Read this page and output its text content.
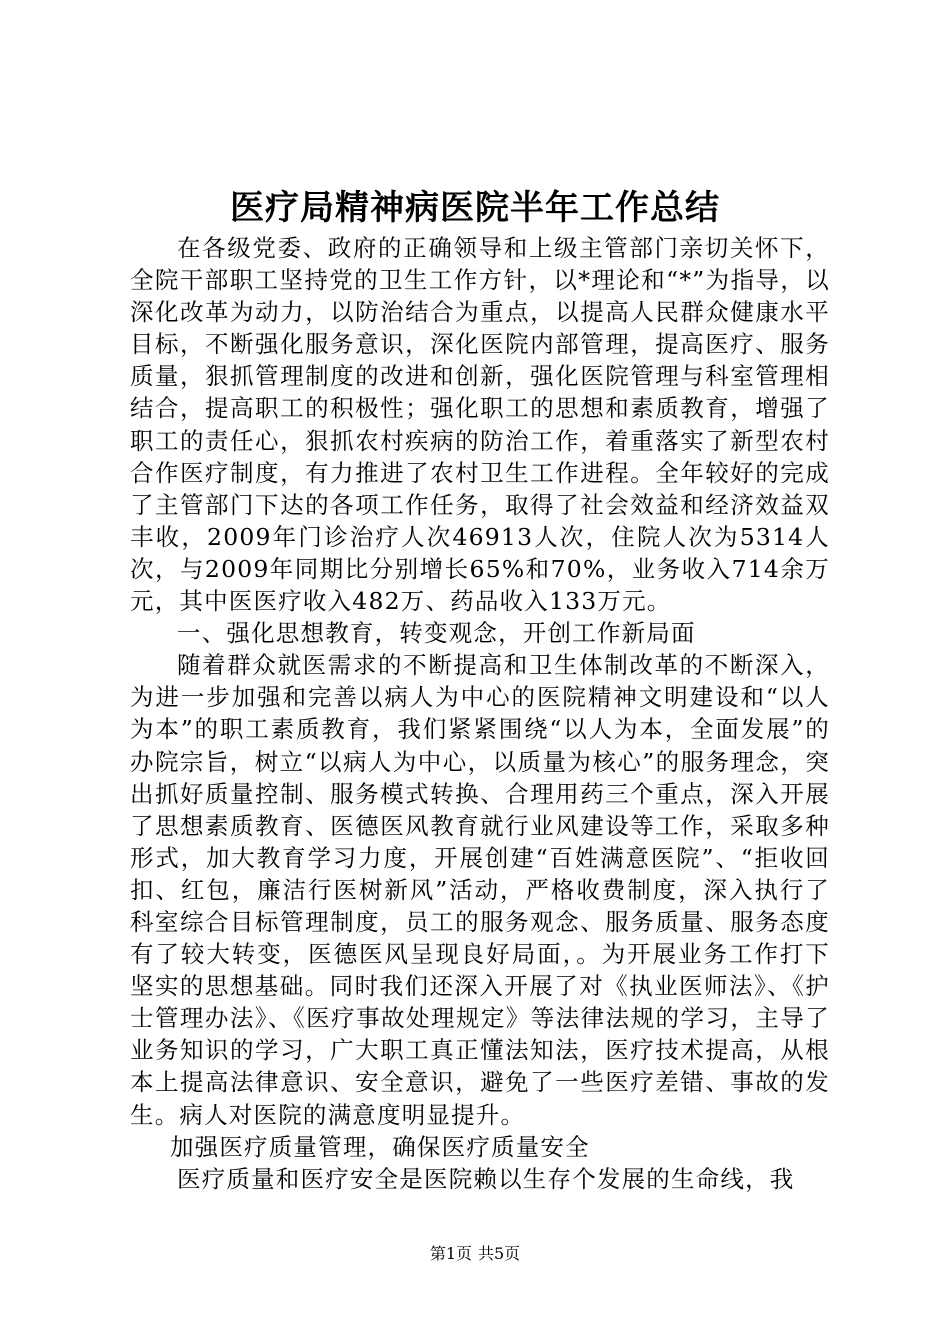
医疗局精神病医院半年工作总结

在各级党委、政府的正确领导和上级主管部门亲切关怀下，全院干部职工坚持党的卫生工作方针，以*理论和“*”为指导，以深化改革为动力，以防治结合为重点，以提高人民群众健康水平目标，不断强化服务意识，深化医院内部管理，提高医疗、服务质量，狠抓管理制度的改进和创新，强化医院管理与科室管理相结合，提高职工的积极性；强化职工的思想和素质教育，增强了职工的责任心，狠抓农村疾病的防治工作，着重落实了新型农村合作医疗制度，有力推进了农村卫生工作进程。全年较好的完成了主管部门下达的各项工作任务，取得了社会效益和经济效益双丰收，2009年门诊治疗人次46913人次，住院人次为5314人次，与2009年同期比分别增长65%和70%，业务收入714余万元，其中医医疗收入482万、药品收入133万元。

一、强化思想教育，转变观念，开创工作新局面

随着群众就医需求的不断提高和卫生体制改革的不断深入，为进一步加强和完善以病人为中心的医院精神文明建设和“以人为本”的职工素质教育，我们紧紧围绕“以人为本，全面发展”的办院宗旨，树立“以病人为中心，以质量为核心”的服务理念，突出抓好质量控制、服务模式转换、合理用药三个重点，深入开展了思想素质教育、医德医风教育就行业风建设等工作，采取多种形式，加大教育学习力度，开展创建“百姓满意医院”、“拒收回扣、红包，廉洁行医树新风”活动，严格收费制度，深入执行了科室综合目标管理制度，员工的服务观念、服务质量、服务态度有了较大转变，医德医风呈现良好局面，。为开展业务工作打下坚实的思想基础。同时我们还深入开展了对《执业医师法》、《护士管理办法》、《医疗事故处理规定》等法律法规的学习，主导了业务知识的学习，广大职工真正懂法知法，医疗技术提高，从根本上提高法律意识、安全意识，避免了一些医疗差错、事故的发生。病人对医院的满意度明显提升。

加强医疗质量管理，确保医疗质量安全

医疗质量和医疗安全是医院赖以生存个发展的生命线，我

第1页 共5页
